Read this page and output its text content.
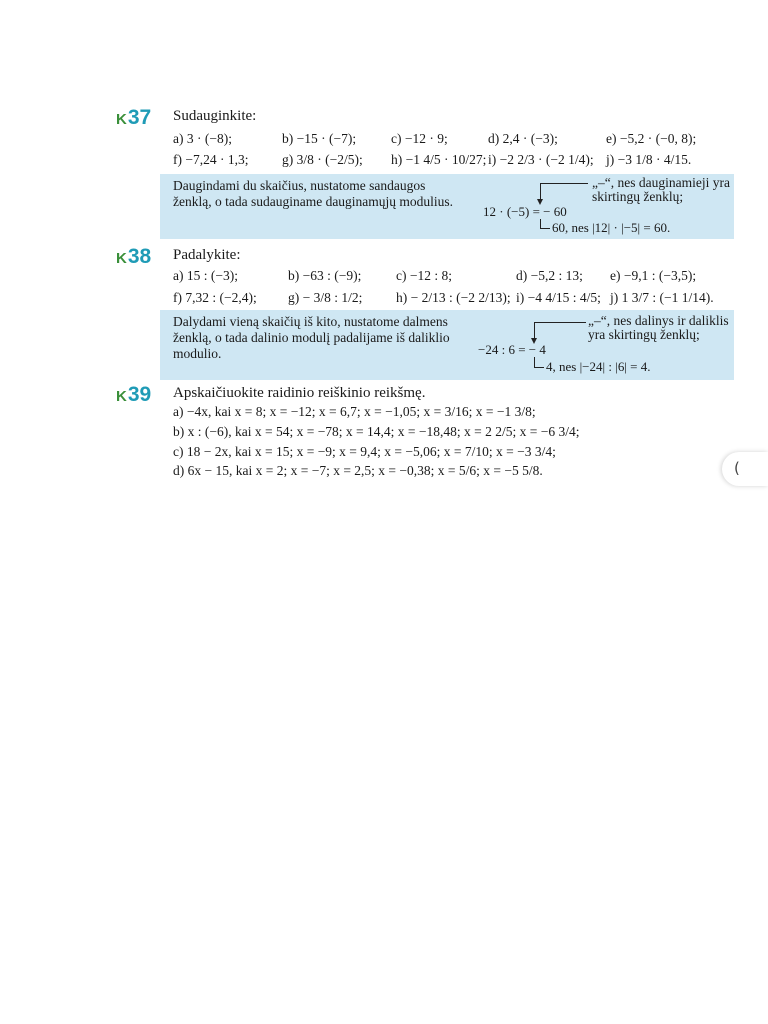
K37 Sudauginkite:
a) 3 · (−8);	b) −15 · (−7);	c) −12 · 9;	d) 2,4 · (−3);	e) −5,2 · (−0, 8);
f) −7,24 · 1,3; g) 3/8 · (−2/5); h) −1 4/5 · 10/27; i) −2 2/3 · (−2 1/4); j) −3 1/8 · 4/15.
Daugindami du skaičius, nustatome sandaugos ženklą, o tada sudauginame dauginamųjų modulius.
„–“, nes dauginamieji yra skirtingų ženklų;
12 · (−5) = − 60
60, nes |12| · |−5| = 60.
K38 Padalykite:
a) 15 : (−3);	b) −63 : (−9);	c) −12 : 8;	d) −5,2 : 13; e) −9,1 : (−3,5);
f) 7,32 : (−2,4); g) − 3/8 : 1/2; h) − 2/13 : (−2 2/13); i) −4 4/15 : 4/5; j) 1 3/7 : (−1 1/14).
Dalydami vieną skaičių iš kito, nustatome dalmens ženklą, o tada dalinio modulį padalijame iš daliklio modulio.
„–“, nes dalinys ir daliklis yra skirtingų ženklų;
−24 : 6 = − 4
4, nes |−24| : |6| = 4.
K39 Apskaičiuokite raidinio reiškinio reikšmę.
a) −4x, kai x = 8; x = −12; x = 6,7; x = −1,05; x = 3/16; x = −1 3/8;
b) x : (−6), kai x = 54; x = −78; x = 14,4; x = −18,48; x = 2 2/5; x = −6 3/4;
c) 18 − 2x, kai x = 15; x = −9; x = 9,4; x = −5,06; x = 7/10; x = −3 3/4;
d) 6x − 15, kai x = 2; x = −7; x = 2,5; x = −0,38; x = 5/6; x = −5 5/8.	(
